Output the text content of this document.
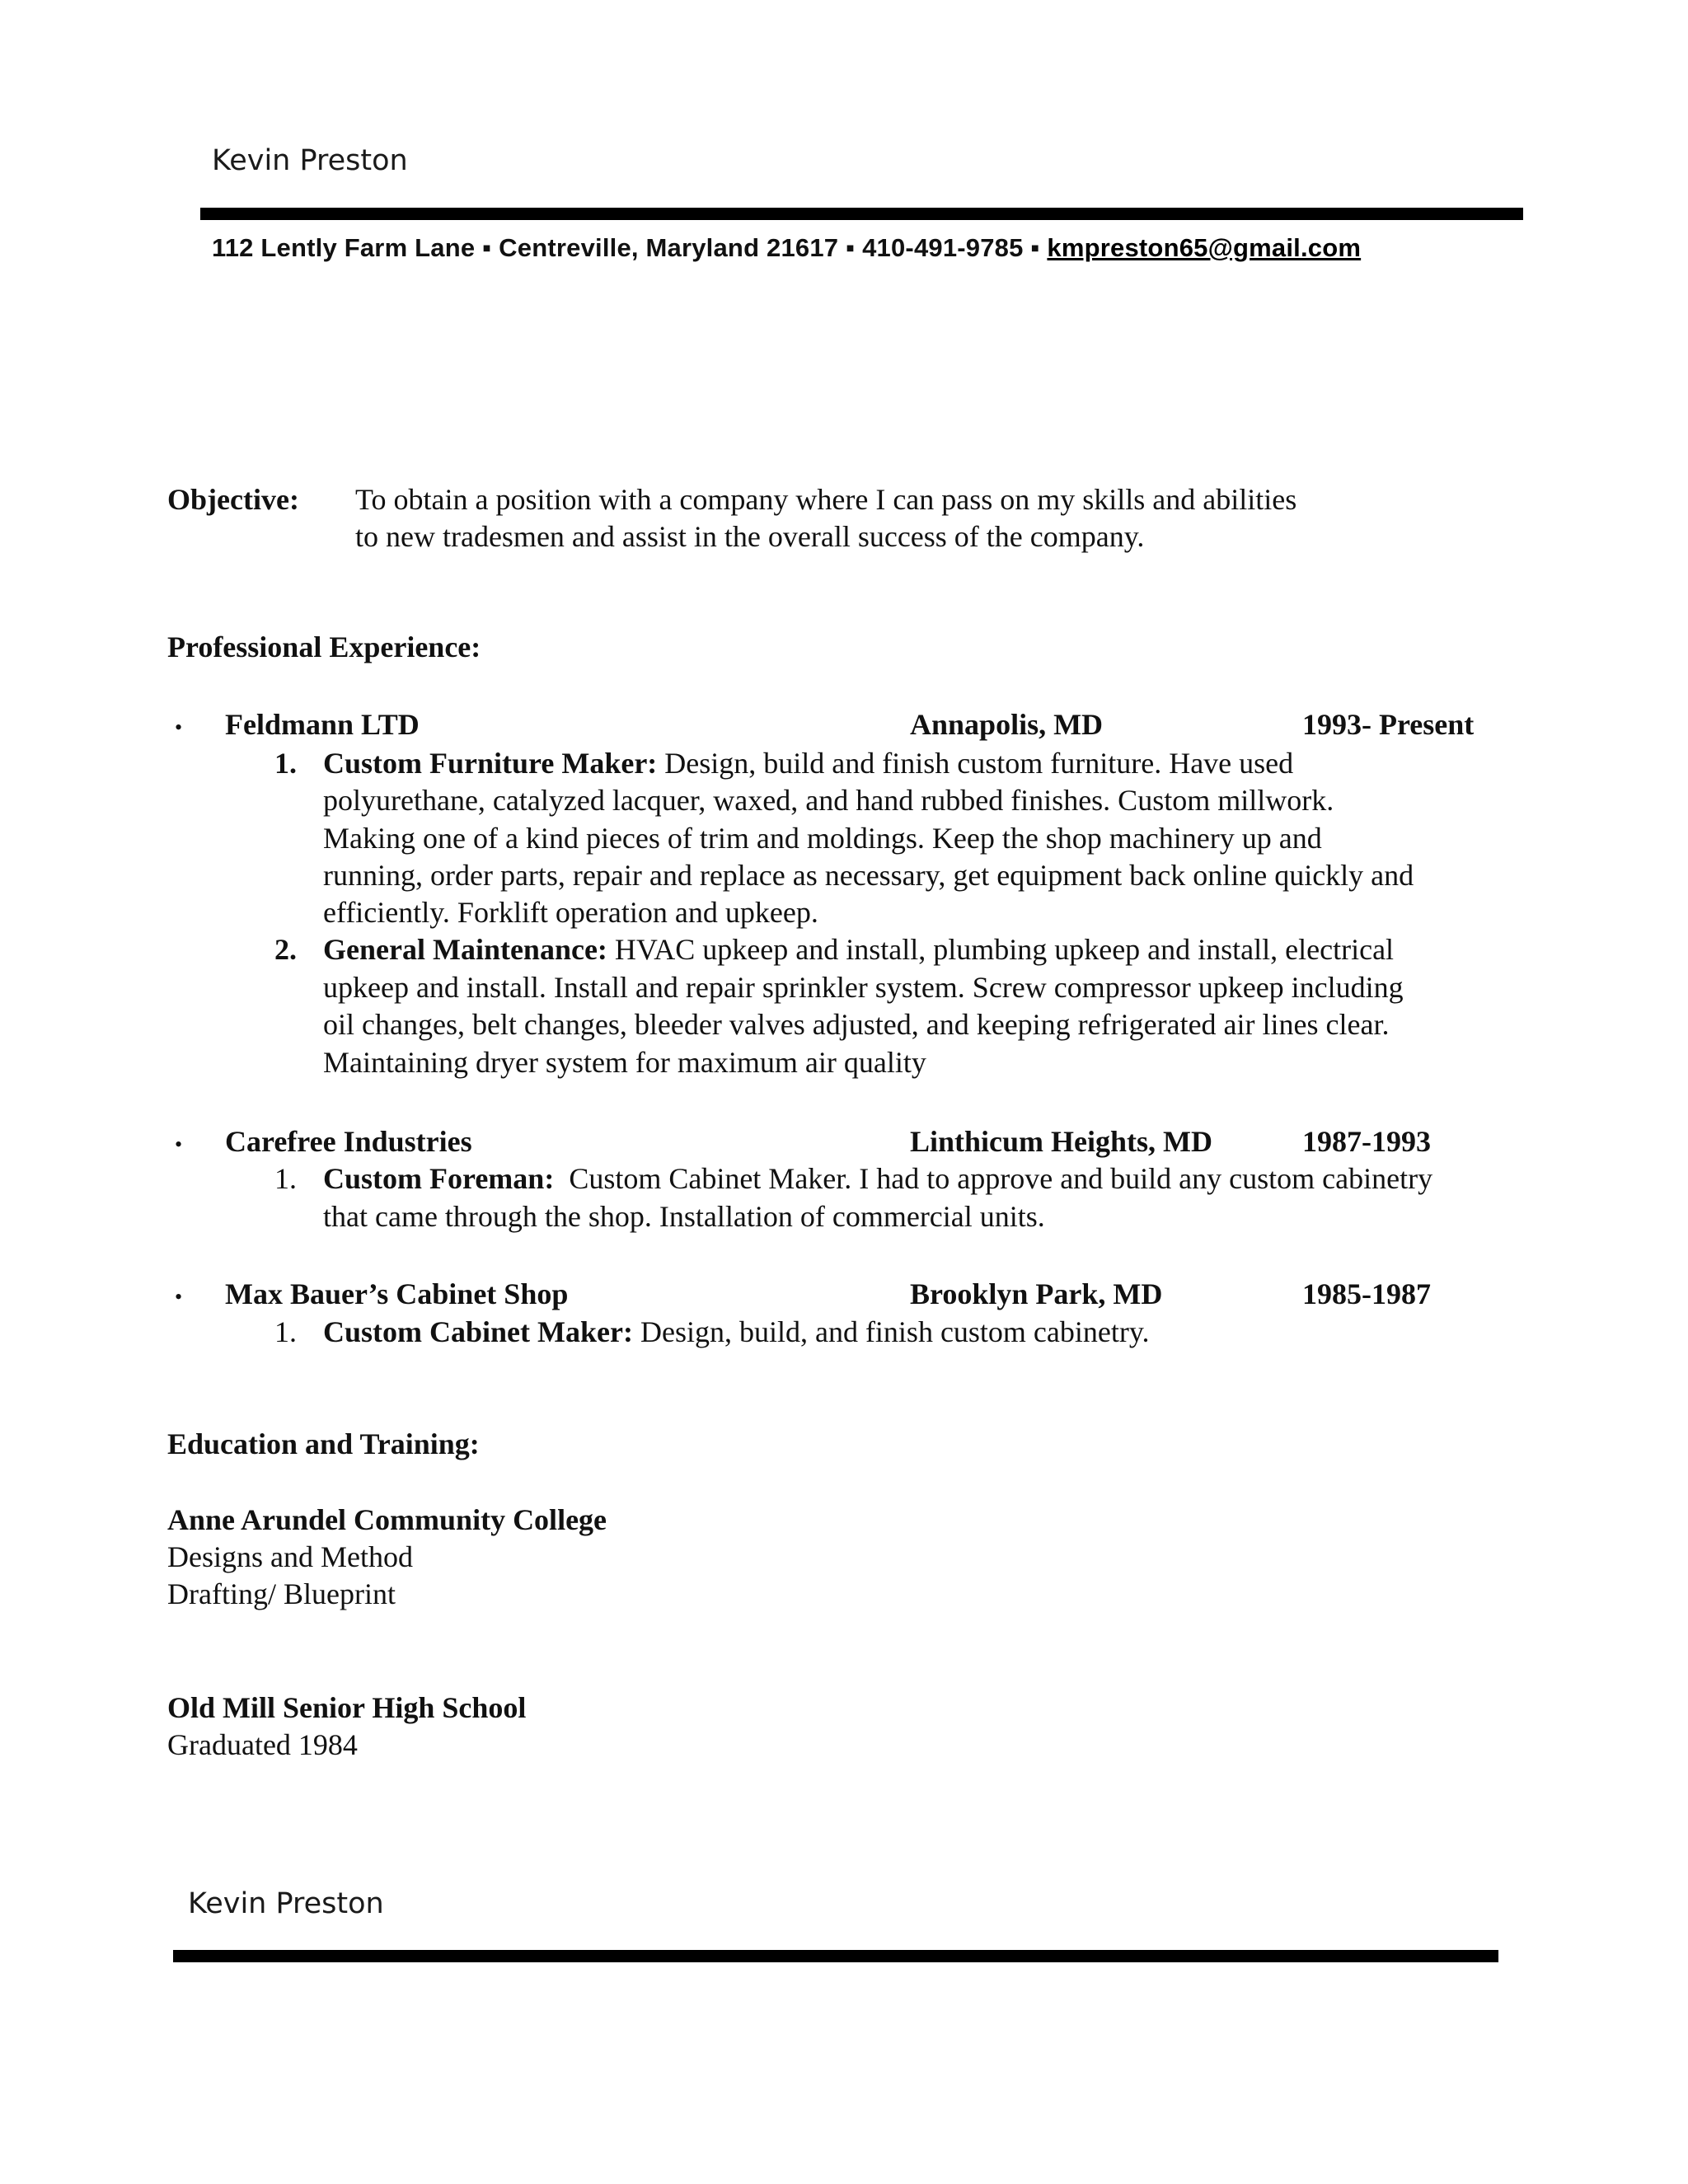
Kevin Preston
112 Lently Farm Lane ▪ Centreville, Maryland 21617 ▪ 410-491-9785 ▪ kmpreston65@gmail.com
Objective: To obtain a position with a company where I can pass on my skills and abilities
to new tradesmen and assist in the overall success of the company.
Professional Experience:
• Feldmann LTD	Annapolis, MD	1993- Present
1. Custom Furniture Maker: Design, build and finish custom furniture. Have used
polyurethane, catalyzed lacquer, waxed, and hand rubbed finishes. Custom millwork.
Making one of a kind pieces of trim and moldings. Keep the shop machinery up and
running, order parts, repair and replace as necessary, get equipment back online quickly and
efficiently. Forklift operation and upkeep.
2. General Maintenance: HVAC upkeep and install, plumbing upkeep and install, electrical
upkeep and install. Install and repair sprinkler system. Screw compressor upkeep including
oil changes, belt changes, bleeder valves adjusted, and keeping refrigerated air lines clear.
Maintaining dryer system for maximum air quality
• Carefree Industries	Linthicum Heights, MD	1987-1993
1. Custom Foreman:  Custom Cabinet Maker. I had to approve and build any custom cabinetry
that came through the shop. Installation of commercial units.
• Max Bauer’s Cabinet Shop	Brooklyn Park, MD	1985-1987
1. Custom Cabinet Maker: Design, build, and finish custom cabinetry.
Education and Training:
Anne Arundel Community College
Designs and Method
Drafting/ Blueprint
Old Mill Senior High School
Graduated 1984
Kevin Preston
